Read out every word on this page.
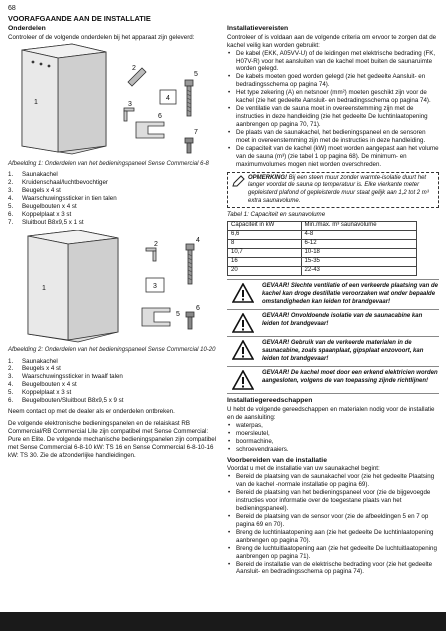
68
VOORAFGAANDE AAN DE INSTALLATIE
Onderdelen

Controleer of de volgende onderdelen bij het apparaat zijn geleverd:

1
2
3
4
5
6
7
Afbeelding 1: Onderdelen van het bedieningspaneel Sense Commercial 6-8
1.	Saunakachel
2.	Kruidenschaal/luchtbevochtiger
3.	Beugels x 4 st
4.	Waarschuwingssticker in tien talen
5.	Beugelbouten x 4 st
6.	Koppelplaat x 3 st
7.	Sluitbout B8x9,5 x 1 st
1
2
3
4
5
6
Afbeelding 2: Onderdelen van het bedieningspaneel Sense Commercial 10-20
1.	Saunakachel
2.	Beugels x 4 st
3.	Waarschuwingssticker in twaalf talen
4.	Beugelbouten x 4 st
5.	Koppelplaat x 3 st
6.	Beugelbouten/Sluitbout B8x9,5 x 9 st

Neem contact op met de dealer als er onderdelen ontbreken.

De volgende elektronische bedieningspanelen en de relaiskast RB Commercial/RB Commercial Lite zijn compatibel met Sense Commercial: Pure en Elite. De volgende mechanische bedieningspanelen zijn compatibel met Sense Commercial 6-8-10 kW: TS 16 en Sense Commercial 6-8-10-16 kW: TS 30. Zie de afzonderlijke handleidingen.

Installatievereisten

Controleer of is voldaan aan de volgende criteria om ervoor te zorgen dat de kachel veilig kan worden gebruikt:

• De kabel (EKK, A05VV-U) of de leidingen met elektrische bedrading (FK, H07V-R) voor het aansluiten van de kachel moet buiten de saunaruimte worden gelegd.
• De kabels moeten goed worden gelegd (zie het gedeelte Aansluit- en bedradingsschema op pagina 74).
• Het type zekering (A) en netsnoer (mm²) moeten geschikt zijn voor de kachel (zie het gedeelte Aansluit- en bedradingsschema op pagina 74).
• De ventilatie van de sauna moet in overeenstemming zijn met de instructies in deze handleiding (zie het gedeelte De luchtinlaatopening aanbrengen op pagina 70, 71).
• De plaats van de saunakachel, het bedieningspaneel en de sensoren moet in overeenstemming zijn met de instructies in deze handleiding.
• De capaciteit van de kachel (kW) moet worden aangepast aan het volume van de sauna (m³) (zie tabel 1 op pagina 68). De minimum- en maximumvolumes mogen niet worden overschreden.
OPMERKING! Bij een steen muur zonder warmte-isolatie duurt het langer voordat de sauna op temperatuur is. Elke vierkante meter gepleisterd plafond of gepleisterde muur staat gelijk aan 1,2 tot 2 m³ extra saunavolume.
Tabel 1: Capaciteit en saunavolume
Capaciteit in kW	Min./max. m³ saunavolume
6,6	4-8
8	6-12
10,7	10-18
16	15-35
20	22-43
GEVAAR! Slechte ventilatie of een verkeerde plaatsing van de kachel kan droge destillatie veroorzaken wat onder bepaalde omstandigheden kan leiden tot brandgevaar!
GEVAAR! Onvoldoende isolatie van de saunacabine kan leiden tot brandgevaar!
GEVAAR! Gebruik van de verkeerde materialen in de saunacabine, zoals spaanplaat, gipsplaat enzovoort, kan leiden tot brandgevaar!
GEVAAR! De kachel moet door een erkend elektricien worden aangesloten, volgens de van toepassing zijnde richtlijnen!
Installatiegereedschappen

U hebt de volgende gereedschappen en materialen nodig voor de installatie en de aansluiting:

• waterpas,
• moersleutel,
• boormachine,
• schroevendraaiers.
Voorbereiden van de installatie

Voordat u met de installatie van uw saunakachel begint:

• Bereid de plaatsing van de saunakachel voor (zie het gedeelte Plaatsing van de kachel -normale installatie op pagina 69).
• Bereid de plaatsing van het bedieningspaneel voor (zie de bijgevoegde instructies voor informatie over de toegestane plaats van het bedieningspaneel).
• Bereid de plaatsing van de sensor voor (zie de afbeeldingen 5 en 7 op pagina 69 en 70).
• Breng de luchtinlaatopening aan (zie het gedeelte De luchtinlaatopening aanbrengen op pagina 70).
• Breng de luchtuitlaatopening aan (zie het gedeelte De luchtuitlaatopening aanbrengen op pagina 71).
• Bereid de installatie van de elektrische bedrading voor (zie het gedeelte Aansluit- en bedradingsschema op pagina 74).
